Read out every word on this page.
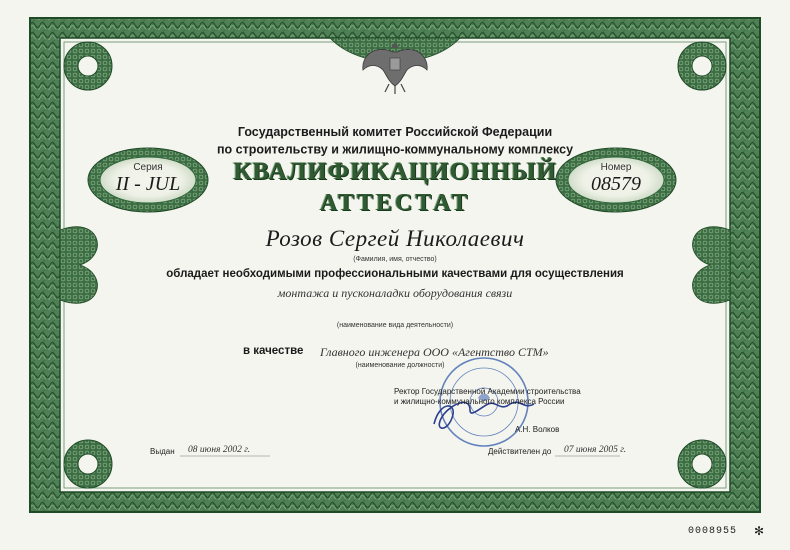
Государственный комитет Российской Федерации
по строительству и жилищно-коммунальному комплексу
КВАЛИФИКАЦИОННЫЙ
АТТЕСТАТ
Серия
II - JUL
Номер
08579
Розов Сергей Николаевич
(Фамилия, имя, отчество)
обладает необходимыми профессиональными качествами для осуществления
монтажа и пусконаладки оборудования связи
(наименование вида деятельности)
в качестве Главного инженера ООО «Агентство СТМ»
(наименование должности)
Ректор Государственной Академии строительства
и жилищно-коммунального комплекса России
А.Н. Волков
Выдан 08 июня 2002 г.	Действителен до 07 июня 2005 г.
0008955 ✻
